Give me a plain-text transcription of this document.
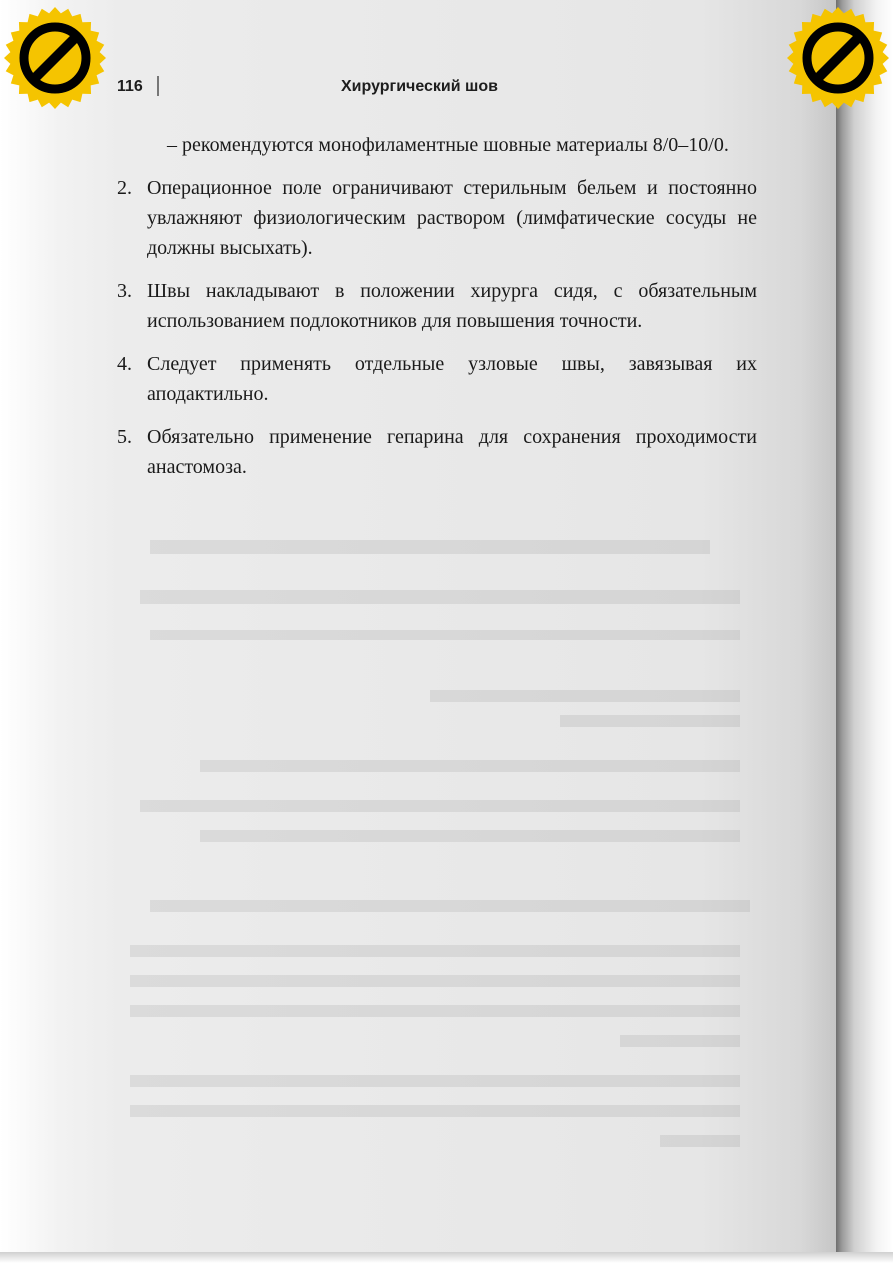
116	Хирургический шов
– рекомендуются монофиламентные шовные материалы 8/0–10/0.
2. Операционное поле ограничивают стерильным бельем и постоянно увлажняют физиологическим раствором (лимфатические сосуды не должны высыхать).
3. Швы накладывают в положении хирурга сидя, с обязательным использованием подлокотников для повышения точности.
4. Следует применять отдельные узловые швы, завязывая их аподактильно.
5. Обязательно применение гепарина для сохранения проходимости анастомоза.
